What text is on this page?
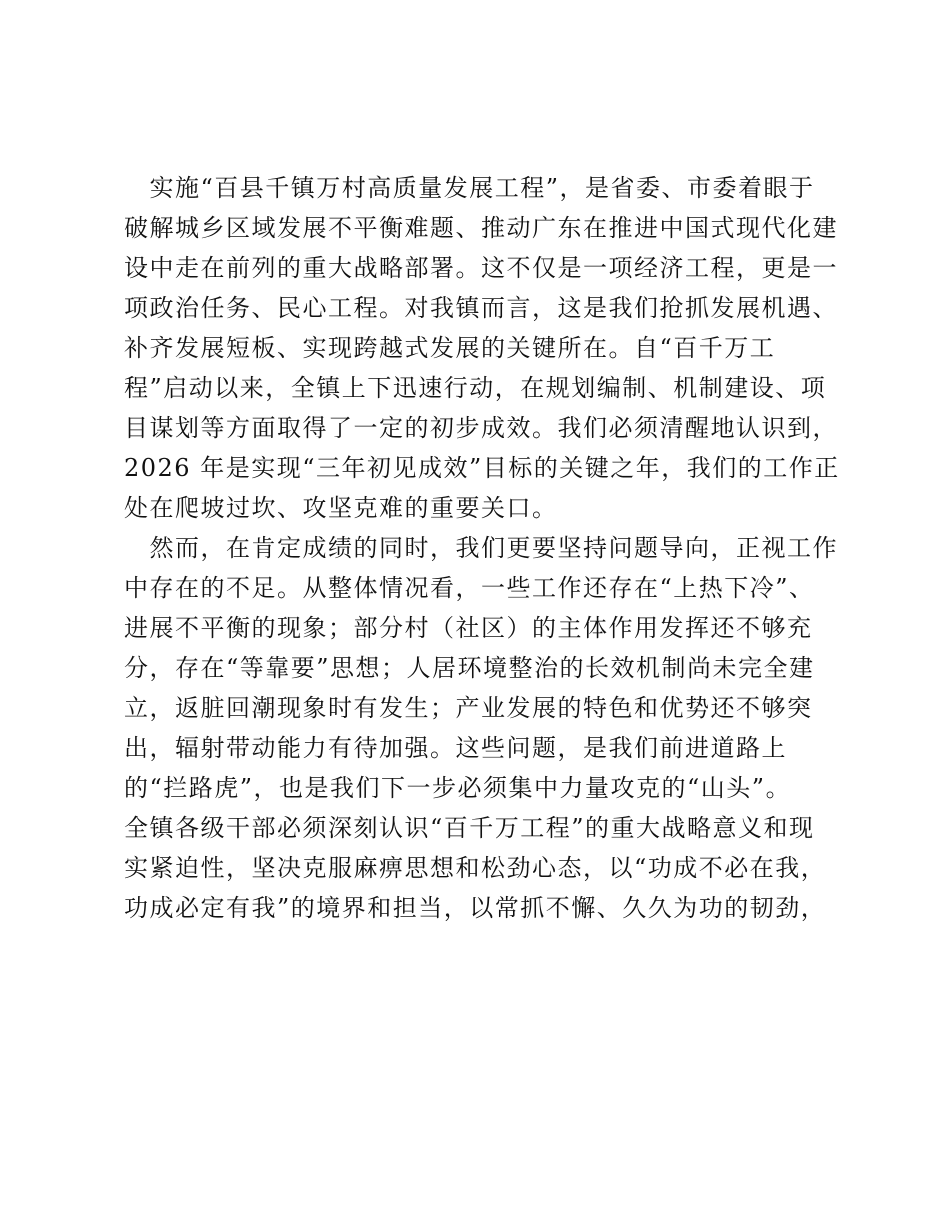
　实施“百县千镇万村高质量发展工程”，是省委、市委着眼于
破解城乡区域发展不平衡难题、推动广东在推进中国式现代化建
设中走在前列的重大战略部署。这不仅是一项经济工程，更是一
项政治任务、民心工程。对我镇而言，这是我们抢抓发展机遇、
补齐发展短板、实现跨越式发展的关键所在。自“百千万工
程”启动以来，全镇上下迅速行动，在规划编制、机制建设、项
目谋划等方面取得了一定的初步成效。我们必须清醒地认识到，
2026 年是实现“三年初见成效”目标的关键之年，我们的工作正
处在爬坡过坎、攻坚克难的重要关口。
　然而，在肯定成绩的同时，我们更要坚持问题导向，正视工作
中存在的不足。从整体情况看，一些工作还存在“上热下冷”、
进展不平衡的现象；部分村（社区）的主体作用发挥还不够充
分，存在“等靠要”思想；人居环境整治的长效机制尚未完全建
立，返脏回潮现象时有发生；产业发展的特色和优势还不够突
出，辐射带动能力有待加强。这些问题，是我们前进道路上
的“拦路虎”，也是我们下一步必须集中力量攻克的“山头”。
全镇各级干部必须深刻认识“百千万工程”的重大战略意义和现
实紧迫性，坚决克服麻痹思想和松劲心态，以“功成不必在我，
功成必定有我”的境界和担当，以常抓不懈、久久为功的韧劲，
